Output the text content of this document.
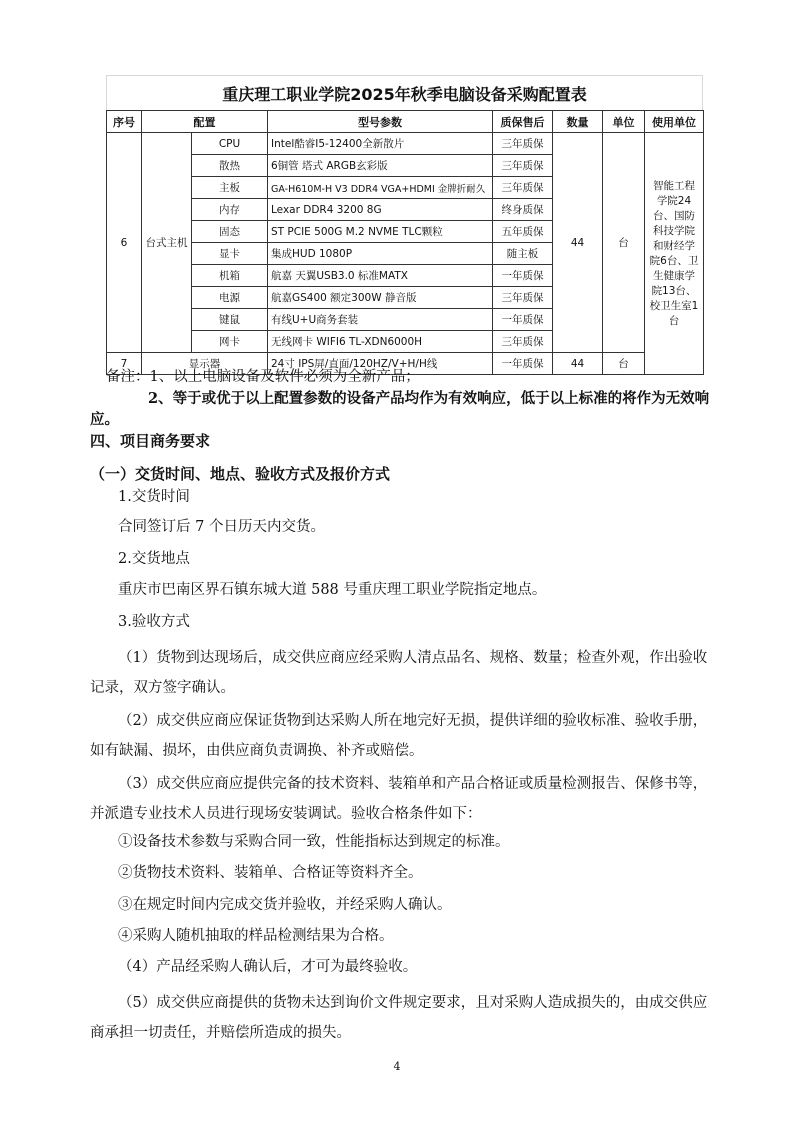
重庆理工职业学院2025年秋季电脑设备采购配置表
序号	配置		型号参数	质保售后	数量	单位	使用单位
6	台式主机	CPU	Intel酷睿I5-12400全新散片	三年质保	44	台	智能工程学院24台、国防科技学院和财经学院6台、卫生健康学院13台、校卫生室1台
		散热	6铜管 塔式 ARGB玄彩版	三年质保			
		主板	GA-H610M-H V3 DDR4 VGA+HDMI 金牌折耐久	三年质保			
		内存	Lexar DDR4 3200 8G	终身质保			
		固态	ST PCIE 500G M.2 NVME TLC颗粒	五年质保			
		显卡	集成HUD 1080P	随主板			
		机箱	航嘉 天翼USB3.0 标准MATX	一年质保			
		电源	航嘉GS400 额定300W 静音版	三年质保			
		键鼠	有线U+U商务套装	一年质保			
		网卡	无线网卡 WIFI6 TL-XDN6000H	三年质保			
7	显示器		24寸 IPS屏/直面/120HZ/V+H/H线	一年质保	44	台	
备注：1、以上电脑设备及软件必须为全新产品；
2、等于或优于以上配置参数的设备产品均作为有效响应，低于以上标准的将作为无效响应。
四、项目商务要求
（一）交货时间、地点、验收方式及报价方式
1.交货时间
合同签订后 7 个日历天内交货。
2.交货地点
重庆市巴南区界石镇东城大道 588 号重庆理工职业学院指定地点。
3.验收方式
（1）货物到达现场后，成交供应商应经采购人清点品名、规格、数量；检查外观，作出验收记录，双方签字确认。
（2）成交供应商应保证货物到达采购人所在地完好无损，提供详细的验收标准、验收手册，如有缺漏、损坏，由供应商负责调换、补齐或赔偿。
（3）成交供应商应提供完备的技术资料、装箱单和产品合格证或质量检测报告、保修书等，并派遣专业技术人员进行现场安装调试。验收合格条件如下：
①设备技术参数与采购合同一致，性能指标达到规定的标准。
②货物技术资料、装箱单、合格证等资料齐全。
③在规定时间内完成交货并验收，并经采购人确认。
④采购人随机抽取的样品检测结果为合格。
（4）产品经采购人确认后，才可为最终验收。
（5）成交供应商提供的货物未达到询价文件规定要求，且对采购人造成损失的，由成交供应商承担一切责任，并赔偿所造成的损失。
4
